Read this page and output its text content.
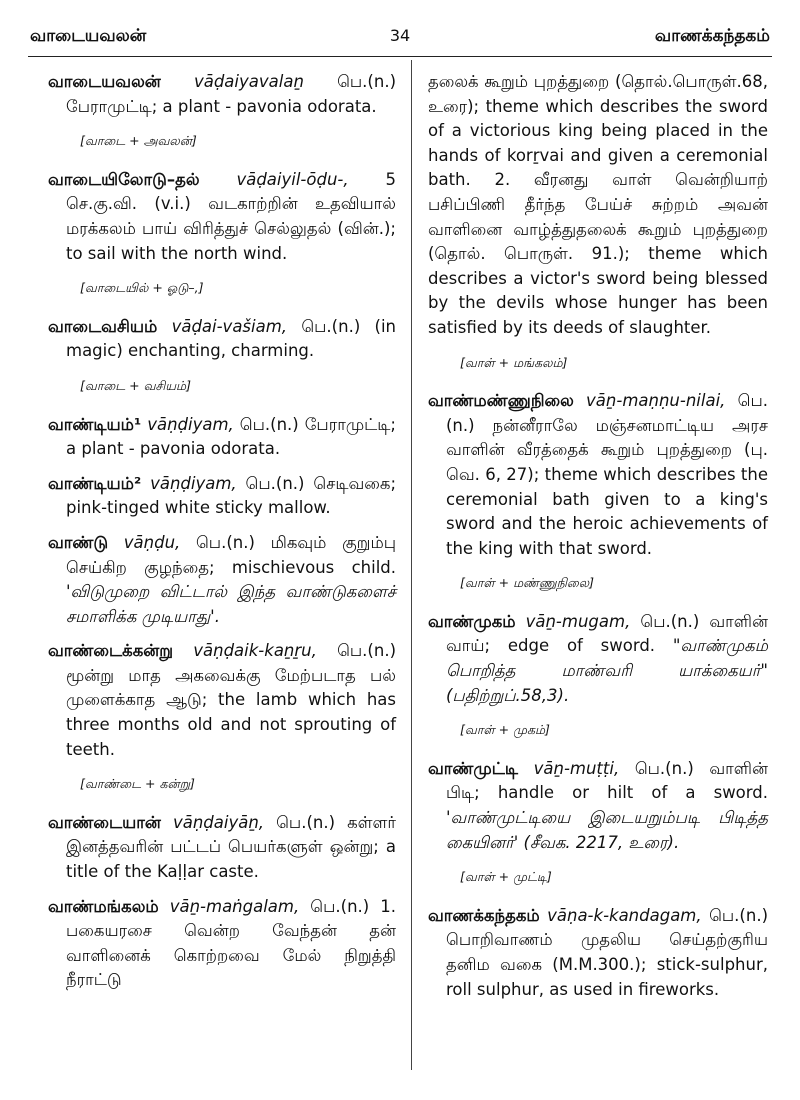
வாடையவலன்	34	வாணக்கந்தகம்
வாடையவலன் vāḍaiyavalaṉ பெ.(n.) பேராமுட்டி; a plant - pavonia odorata.
[வாடை + அவலன்]
வாடையிலோடு–தல் vāḍaiyil-ōḍu-, 5 செ.கு.வி. (v.i.) வடகாற்றின் உதவியால் மரக்கலம் பாய் விரித்துச் செல்லுதல் (வின்.); to sail with the north wind.
[வாடையில் + ஓடு–,]
வாடைவசியம் vāḍai-vašiam, பெ.(n.) (in magic) enchanting, charming.
[வாடை + வசியம்]
வாண்டியம்¹ vāṇḍiyam, பெ.(n.) பேராமுட்டி; a plant - pavonia odorata.
வாண்டியம்² vāṇḍiyam, பெ.(n.) செடிவகை; pink-tinged white sticky mallow.
வாண்டு vāṇḍu, பெ.(n.) மிகவும் குறும்பு செய்கிற குழந்தை; mischievous child. 'விடுமுறை விட்டால் இந்த வாண்டுகளைச் சமாளிக்க முடியாது'.
வாண்டைக்கன்று vāṇḍaik-kaṉṟu, பெ.(n.) மூன்று மாத அகவைக்கு மேற்படாத பல் முளைக்காத ஆடு; the lamb which has three months old and not sprouting of teeth.
[வாண்டை + கன்று]
வாண்டையான் vāṇḍaiyāṉ, பெ.(n.) கள்ளர் இனத்தவரின் பட்டப் பெயர்களுள் ஒன்று; a title of the Kaḷḷar caste.
வாண்மங்கலம் vāṉ-maṅgalam, பெ.(n.) 1. பகையரசை வென்ற வேந்தன் தன் வாளினைக் கொற்றவை மேல் நிறுத்தி நீராட்டு
தலைக் கூறும் புறத்துறை (தொல்.பொருள்.68, உரை); theme which describes the sword of a victorious king being placed in the hands of korṟvai and given a ceremonial bath. 2. வீரனது வாள் வென்றியாற் பசிப்பிணி தீர்ந்த பேய்ச் சுற்றம் அவன் வாளினை வாழ்த்துதலைக் கூறும் புறத்துறை (தொல். பொருள். 91.); theme which describes a victor's sword being blessed by the devils whose hunger has been satisfied by its deeds of slaughter.
[வாள் + மங்கலம்]
வாண்மண்ணுநிலை vāṉ-maṇṇu-nilai, பெ.(n.) நன்னீராலே மஞ்சனமாட்டிய அரச வாளின் வீரத்தைக் கூறும் புறத்துறை (பு. வெ. 6, 27); theme which describes the ceremonial bath given to a king's sword and the heroic achievements of the king with that sword.
[வாள் + மண்ணுநிலை]
வாண்முகம் vāṉ-mugam, பெ.(n.) வாளின் வாய்; edge of sword. "வாண்முகம் பொறித்த மாண்வரி யாக்கையர்" (பதிற்றுப்.58,3).
[வாள் + முகம்]
வாண்முட்டி vāṉ-muṭṭi, பெ.(n.) வாளின் பிடி; handle or hilt of a sword. 'வாண்முட்டியை இடையறும்படி பிடித்த கையினர்' (சீவக. 2217, உரை).
[வாள் + முட்டி]
வாணக்கந்தகம் vāṇa-k-kandagam, பெ.(n.) பொறிவாணம் முதலிய செய்தற்குரிய தனிம வகை (M.M.300.); stick-sulphur, roll sulphur, as used in fireworks.
